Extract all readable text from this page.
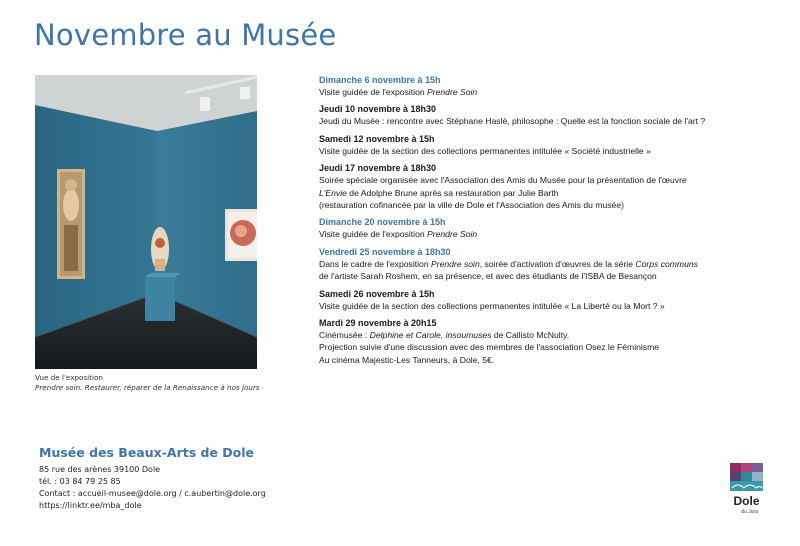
Novembre au Musée
Vue de l'exposition
Prendre soin. Restaurer, réparer de la Renaissance à nos jours
Dimanche 6 novembre à 15h
Visite guidée de l'exposition Prendre Soin
Jeudi 10 novembre à 18h30
Jeudi du Musée : rencontre avec Stéphane Haslé, philosophe : Quelle est la fonction sociale de l'art ?
Samedi 12 novembre à 15h
Visite guidée de la section des collections permanentes intitulée « Société industrielle »
Jeudi 17 novembre à 18h30
Soirée spéciale organisée avec l'Association des Amis du Musée pour la présentation de l'œuvre
L'Envie de Adolphe Brune après sa restauration par Julie Barth
(restauration cofinancée par la ville de Dole et l'Association des Amis du musée)
Dimanche 20 novembre à 15h
Visite guidée de l'exposition Prendre Soin
Vendredi 25 novembre à 18h30
Dans le cadre de l'exposition Prendre soin, soirée d'activation d'œuvres de la série Corps communs
de l'artiste Sarah Roshem, en sa présence, et avec des étudiants de l'ISBA de Besançon
Samedi 26 novembre à 15h
Visite guidée de la section des collections permanentes intitulée « La Liberté ou la Mort ? »
Mardi 29 novembre à 20h15
Cinémusée : Delphine et Carole, insoumuses de Callisto McNulty.
Projection suivie d'une discussion avec des membres de l'association Osez le Féminisme
Au cinéma Majestic-Les Tanneurs, à Dole, 5€.
Musée des Beaux-Arts de Dole
85 rue des arènes 39100 Dole
tél. : 03 84 79 25 85
Contact : accueil-musee@dole.org / c.aubertin@dole.org
https://linktr.ee/mba_dole	Dole
du Jura
